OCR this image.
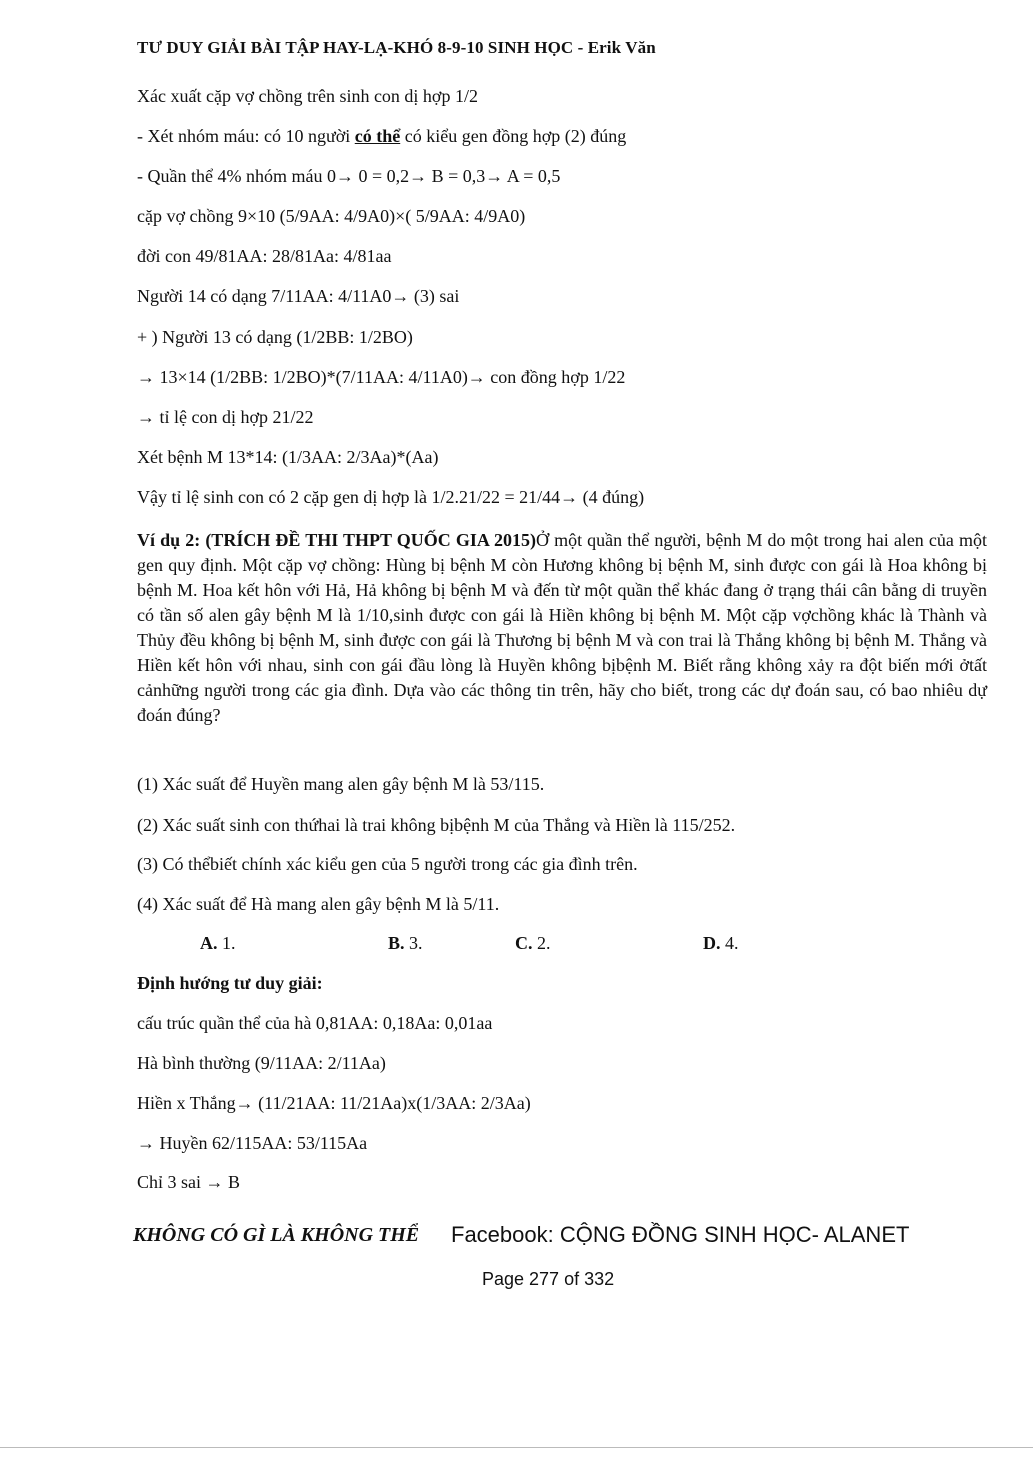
TƯ DUY GIẢI BÀI TẬP HAY-LẠ-KHÓ 8-9-10 SINH HỌC - Erik Văn
Xác xuất cặp vợ chồng trên sinh con dị hợp 1/2
- Xét nhóm máu: có 10 người có thể có kiểu gen đồng hợp (2) đúng
- Quần thể 4% nhóm máu 0→ 0 = 0,2→ B = 0,3→ A = 0,5
cặp vợ chồng 9×10 (5/9AA: 4/9A0)×( 5/9AA: 4/9A0)
đời con 49/81AA: 28/81Aa: 4/81aa
Người 14 có dạng 7/11AA: 4/11A0→ (3) sai
+ ) Người 13 có dạng (1/2BB: 1/2BO)
→ 13×14 (1/2BB: 1/2BO)*(7/11AA: 4/11A0)→ con đồng hợp 1/22
→ tỉ lệ con dị hợp 21/22
Xét bệnh M 13*14: (1/3AA: 2/3Aa)*(Aa)
Vậy tỉ lệ sinh con có 2 cặp gen dị hợp là 1/2.21/22 = 21/44→ (4 đúng)
Ví dụ 2: (TRÍCH ĐỀ THI THPT QUỐC GIA 2015)Ở một quần thể người, bệnh M do một trong hai alen của một gen quy định. Một cặp vợ chồng: Hùng bị bệnh M còn Hương không bị bệnh M, sinh được con gái là Hoa không bị bệnh M. Hoa kết hôn với Hả, Hả không bị bệnh M và đến từ một quần thể khác đang ở trạng thái cân bằng di truyền có tần số alen gây bệnh M là 1/10,sinh được con gái là Hiền không bị bệnh M. Một cặp vợchồng khác là Thành và Thủy đều không bị bệnh M, sinh được con gái là Thương bị bệnh M và con trai là Thắng không bị bệnh M. Thắng và Hiền kết hôn với nhau, sinh con gái đầu lòng là Huyền không bịbệnh M. Biết rằng không xảy ra đột biến mới ởtất cảnhững người trong các gia đình. Dựa vào các thông tin trên, hãy cho biết, trong các dự đoán sau, có bao nhiêu dự đoán đúng?
(1) Xác suất để Huyền mang alen gây bệnh M là 53/115.
(2) Xác suất sinh con thứhai là trai không bịbệnh M của Thắng và Hiền là 115/252.
(3) Có thểbiết chính xác kiểu gen của 5 người trong các gia đình trên.
(4) Xác suất để Hà mang alen gây bệnh M là 5/11.
A. 1.	B. 3.	C. 2.	D. 4.
Định hướng tư duy giải:
cấu trúc quần thể của hà 0,81AA: 0,18Aa: 0,01aa
Hà bình thường (9/11AA: 2/11Aa)
Hiền x Thắng→ (11/21AA: 11/21Aa)x(1/3AA: 2/3Aa)
→ Huyền 62/115AA: 53/115Aa
Chỉ 3 sai → B
KHÔNG CÓ GÌ LÀ KHÔNG THỂ Facebook: CỘNG ĐỒNG SINH HỌC- ALANET
Page 277 of 332
